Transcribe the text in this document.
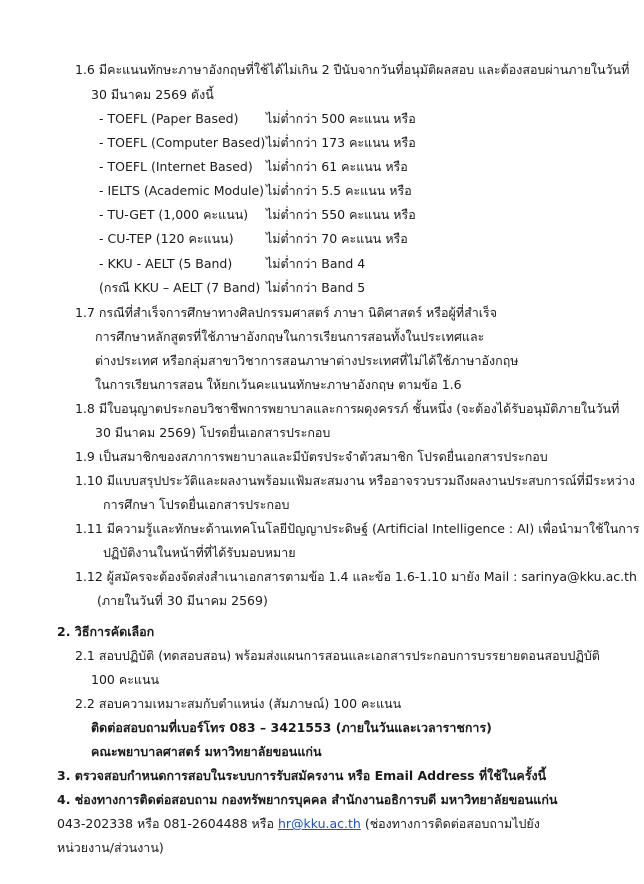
1.6 มีคะแนนทักษะภาษาอังกฤษที่ใช้ได้ไม่เกิน 2 ปีนับจากวันที่อนุมัติผลสอบ และต้องสอบผ่านภายในวันที่
30 มีนาคม 2569 ดังนี้
- TOEFL (Paper Based) ไม่ต่ำกว่า 500 คะแนน หรือ
- TOEFL (Computer Based) ไม่ต่ำกว่า 173 คะแนน หรือ
- TOEFL (Internet Based) ไม่ต่ำกว่า 61 คะแนน หรือ
- IELTS (Academic Module) ไม่ต่ำกว่า 5.5 คะแนน หรือ
- TU-GET (1,000 คะแนน) ไม่ต่ำกว่า 550 คะแนน หรือ
- CU-TEP (120 คะแนน)	ไม่ต่ำกว่า 70 คะแนน หรือ
- KKU - AELT (5 Band)	ไม่ต่ำกว่า Band 4
(กรณี KKU – AELT (7 Band) ไม่ต่ำกว่า Band 5
1.7 กรณีที่สำเร็จการศึกษาทางศิลปกรรมศาสตร์ ภาษา นิติศาสตร์ หรือผู้ที่สำเร็จ
การศึกษาหลักสูตรที่ใช้ภาษาอังกฤษในการเรียนการสอนทั้งในประเทศและ
ต่างประเทศ หรือกลุ่มสาขาวิชาการสอนภาษาต่างประเทศที่ไม่ได้ใช้ภาษาอังกฤษ
ในการเรียนการสอน ให้ยกเว้นคะแนนทักษะภาษาอังกฤษ ตามข้อ 1.6
1.8 มีใบอนุญาตประกอบวิชาชีพการพยาบาลและการผดุงครรภ์ ชั้นหนึ่ง (จะต้องได้รับอนุมัติภายในวันที่
30 มีนาคม 2569) โปรดยื่นเอกสารประกอบ
1.9 เป็นสมาชิกของสภาการพยาบาลและมีบัตรประจำตัวสมาชิก โปรดยื่นเอกสารประกอบ
1.10 มีแบบสรุปประวัติและผลงานพร้อมแฟ้มสะสมงาน หรืออาจรวบรวมถึงผลงานประสบการณ์ที่มีระหว่าง
การศึกษา โปรดยื่นเอกสารประกอบ
1.11 มีความรู้และทักษะด้านเทคโนโลยีปัญญาประดิษฐ์ (Artificial Intelligence : AI) เพื่อนำมาใช้ในการ
ปฏิบัติงานในหน้าที่ที่ได้รับมอบหมาย
1.12 ผู้สมัครจะต้องจัดส่งสำเนาเอกสารตามข้อ 1.4 และข้อ 1.6-1.10 มายัง Mail : sarinya@kku.ac.th
(ภายในวันที่ 30 มีนาคม 2569)
2. วิธีการคัดเลือก
2.1 สอบปฏิบัติ (ทดสอบสอน) พร้อมส่งแผนการสอนและเอกสารประกอบการบรรยายตอนสอบปฏิบัติ
100 คะแนน
2.2 สอบความเหมาะสมกับตำแหน่ง (สัมภาษณ์) 100 คะแนน
ติดต่อสอบถามที่เบอร์โทร 083 – 3421553 (ภายในวันและเวลาราชการ)
คณะพยาบาลศาสตร์ มหาวิทยาลัยขอนแก่น
3. ตรวจสอบกำหนดการสอบในระบบการรับสมัครงาน หรือ Email Address ที่ใช้ในครั้งนี้
4. ช่องทางการติดต่อสอบถาม กองทรัพยากรบุคคล สำนักงานอธิการบดี มหาวิทยาลัยขอนแก่น
043-202338 หรือ 081-2604488 หรือ hr@kku.ac.th (ช่องทางการติดต่อสอบถามไปยัง
หน่วยงาน/ส่วนงาน)
